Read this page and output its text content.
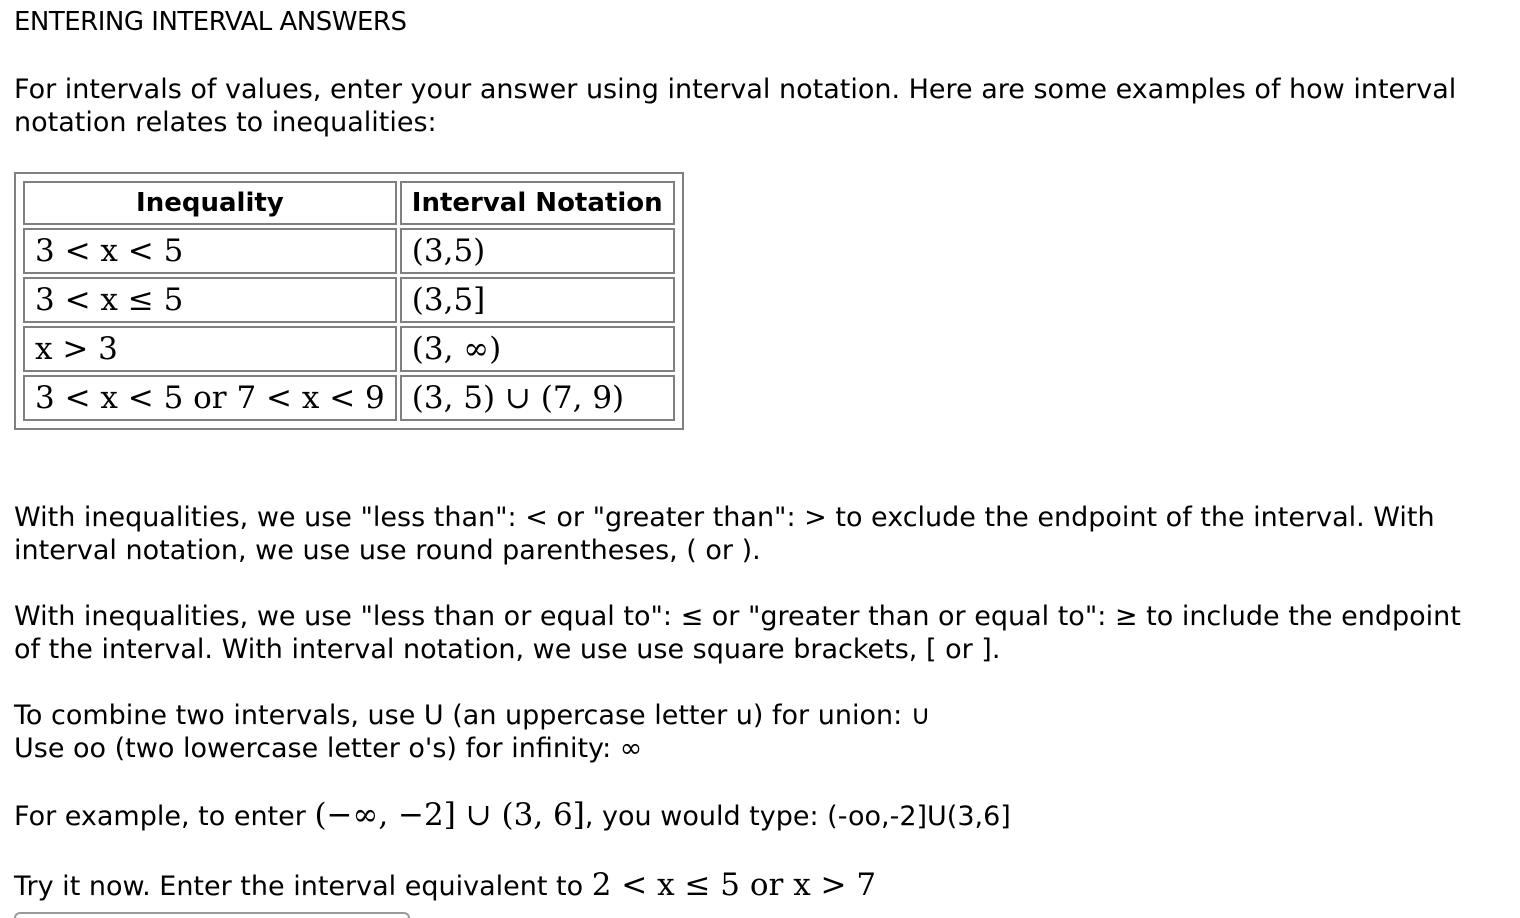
ENTERING INTERVAL ANSWERS
For intervals of values, enter your answer using interval notation. Here are some examples of how interval
notation relates to inequalities:
Inequality	Interval Notation
3 < x < 5	(3,5)
3 < x ≤ 5	(3,5]
x > 3	(3, ∞)
3 < x < 5 or 7 < x < 9	(3, 5) ∪ (7, 9)
With inequalities, we use "less than": < or "greater than": > to exclude the endpoint of the interval. With
interval notation, we use use round parentheses, ( or ).
With inequalities, we use "less than or equal to": ≤ or "greater than or equal to": ≥ to include the endpoint
of the interval. With interval notation, we use use square brackets, [ or ].
To combine two intervals, use U (an uppercase letter u) for union: ∪
Use oo (two lowercase letter o's) for infinity: ∞
For example, to enter (−∞, −2] ∪ (3, 6], you would type: (-oo,-2]U(3,6]
Try it now. Enter the interval equivalent to 2 < x ≤ 5 or x > 7
